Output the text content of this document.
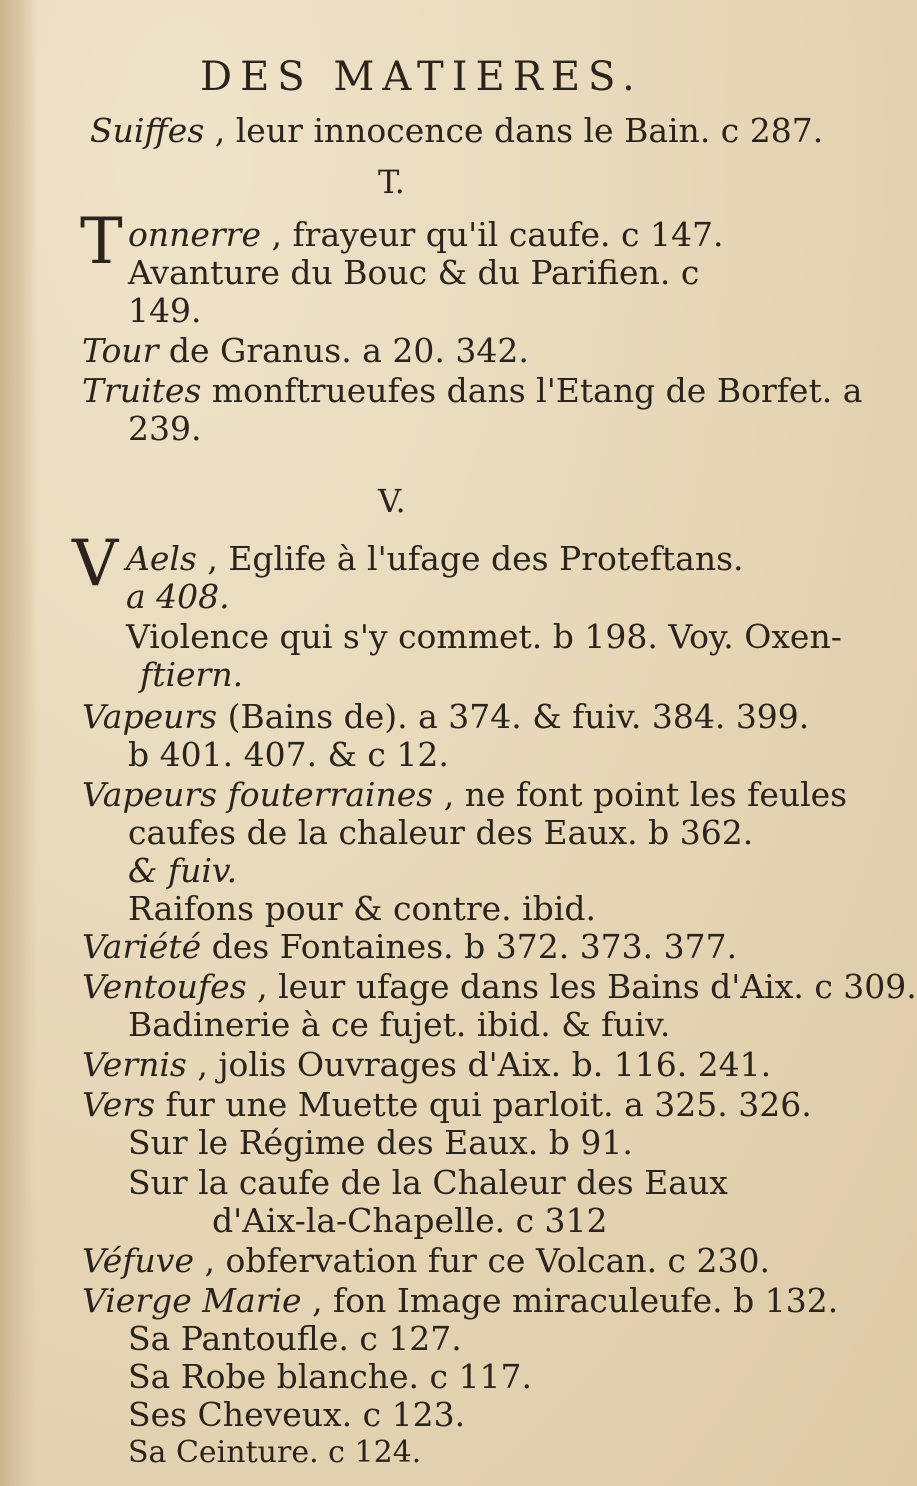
DES MATIERES.
Suiffes , leur innocence dans le Bain. c 287.
T.
T onnerre , frayeur qu'il caufe. c 147.
Avanture du Bouc & du Parifien. c
149.
Tour de Granus. a 20. 342.
Truites monftrueufes dans l'Etang de Borfet. a
239.
V.
V Aels , Eglife à l'ufage des Proteftans.
a 408.
Violence qui s'y commet. b 198. Voy. Oxen-
ftiern.
Vapeurs (Bains de). a 374. & fuiv. 384. 399.
b 401. 407. & c 12.
Vapeurs fouterraines , ne font point les feules
caufes de la chaleur des Eaux. b 362.
& fuiv.
Raifons pour & contre. ibid.
Variété des Fontaines. b 372. 373. 377.
Ventoufes , leur ufage dans les Bains d'Aix. c 309.
Badinerie à ce fujet. ibid. & fuiv.
Vernis , jolis Ouvrages d'Aix. b. 116. 241.
Vers fur une Muette qui parloit. a 325. 326.
Sur le Régime des Eaux. b 91.
Sur la caufe de la Chaleur des Eaux
d'Aix-la-Chapelle. c 312
Véfuve , obfervation fur ce Volcan. c 230.
Vierge Marie , fon Image miraculeufe. b 132.
Sa Pantoufle. c 127.
Sa Robe blanche. c 117.
Ses Cheveux. c 123.
Sa Ceinture. c 124.
